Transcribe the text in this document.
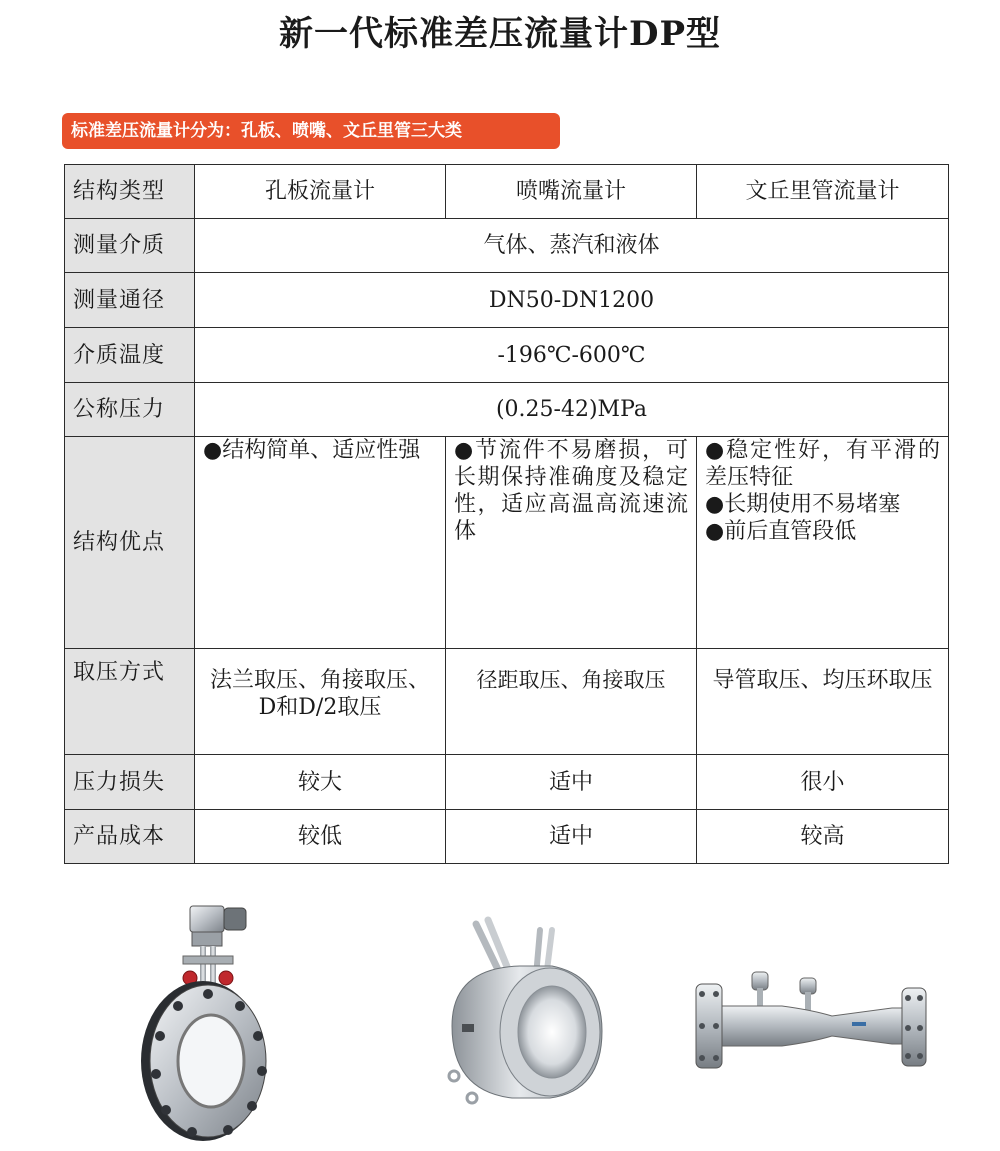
新一代标准差压流量计DP型
标准差压流量计分为：孔板、喷嘴、文丘里管三大类
结构类型	孔板流量计	喷嘴流量计	文丘里管流量计
测量介质	气体、蒸汽和液体		
测量通径	DN50-DN1200		
介质温度	-196℃-600℃		
公称压力	(0.25-42)MPa		
结构优点	●结构简单、适应性强	●节流件不易磨损，可长期保持准确度及稳定性，适应高温高流速流体	●稳定性好，有平滑的差压特征
●长期使用不易堵塞
●前后直管段低
取压方式	法兰取压、角接取压、D和D/2取压	径距取压、角接取压	导管取压、均压环取压
压力损失	较大	适中	很小
产品成本	较低	适中	较高
